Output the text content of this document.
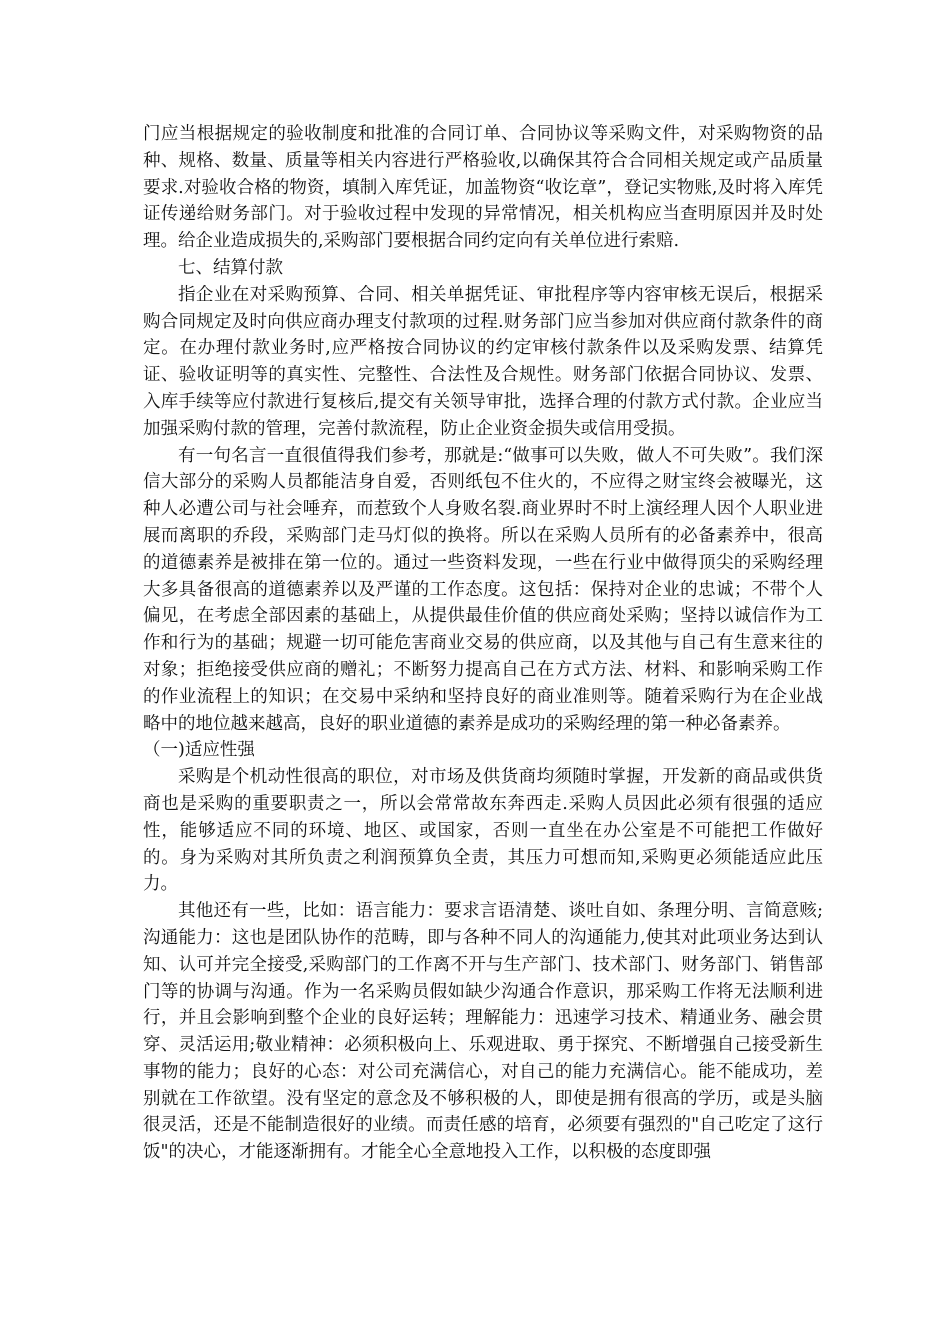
门应当根据规定的验收制度和批准的合同订单、合同协议等采购文件，对采购物资的品种、规格、数量、质量等相关内容进行严格验收,以确保其符合合同相关规定或产品质量要求.对验收合格的物资，填制入库凭证，加盖物资“收讫章”，登记实物账,及时将入库凭证传递给财务部门。对于验收过程中发现的异常情况，相关机构应当查明原因并及时处理。给企业造成损失的,采购部门要根据合同约定向有关单位进行索赔.

七、结算付款

指企业在对采购预算、合同、相关单据凭证、审批程序等内容审核无误后，根据采购合同规定及时向供应商办理支付款项的过程.财务部门应当参加对供应商付款条件的商定。在办理付款业务时,应严格按合同协议的约定审核付款条件以及采购发票、结算凭证、验收证明等的真实性、完整性、合法性及合规性。财务部门依据合同协议、发票、入库手续等应付款进行复核后,提交有关领导审批，选择合理的付款方式付款。企业应当加强采购付款的管理，完善付款流程，防止企业资金损失或信用受损。

有一句名言一直很值得我们参考，那就是:“做事可以失败，做人不可失败”。我们深信大部分的采购人员都能洁身自爱，否则纸包不住火的，不应得之财宝终会被曝光，这种人必遭公司与社会唾弃，而惹致个人身败名裂.商业界时不时上演经理人因个人职业进展而离职的乔段，采购部门走马灯似的换将。所以在采购人员所有的必备素养中，很高的道德素养是被排在第一位的。通过一些资料发现，一些在行业中做得顶尖的采购经理大多具备很高的道德素养以及严谨的工作态度。这包括：保持对企业的忠诚；不带个人偏见，在考虑全部因素的基础上，从提供最佳价值的供应商处采购；坚持以诚信作为工作和行为的基础；规避一切可能危害商业交易的供应商，以及其他与自己有生意来往的对象；拒绝接受供应商的赠礼；不断努力提高自己在方式方法、材料、和影响采购工作的作业流程上的知识；在交易中采纳和坚持良好的商业准则等。随着采购行为在企业战略中的地位越来越高，良好的职业道德的素养是成功的采购经理的第一种必备素养。

（一)适应性强

采购是个机动性很高的职位，对市场及供货商均须随时掌握，开发新的商品或供货商也是采购的重要职责之一，所以会常常故东奔西走.采购人员因此必须有很强的适应性，能够适应不同的环境、地区、或国家，否则一直坐在办公室是不可能把工作做好的。身为采购对其所负责之利润预算负全责，其压力可想而知,采购更必须能适应此压力。

其他还有一些，比如：语言能力：要求言语清楚、谈吐自如、条理分明、言简意赅;沟通能力：这也是团队协作的范畴，即与各种不同人的沟通能力,使其对此项业务达到认知、认可并完全接受,采购部门的工作离不开与生产部门、技术部门、财务部门、销售部门等的协调与沟通。作为一名采购员假如缺少沟通合作意识，那采购工作将无法顺利进行，并且会影响到整个企业的良好运转；理解能力：迅速学习技术、精通业务、融会贯穿、灵活运用;敬业精神：必须积极向上、乐观进取、勇于探究、不断增强自己接受新生事物的能力；良好的心态：对公司充满信心，对自己的能力充满信心。能不能成功，差别就在工作欲望。没有坚定的意念及不够积极的人，即使是拥有很高的学历，或是头脑很灵活，还是不能制造很好的业绩。而责任感的培育，必须要有强烈的"自己吃定了这行饭"的决心，才能逐渐拥有。才能全心全意地投入工作，以积极的态度即强
